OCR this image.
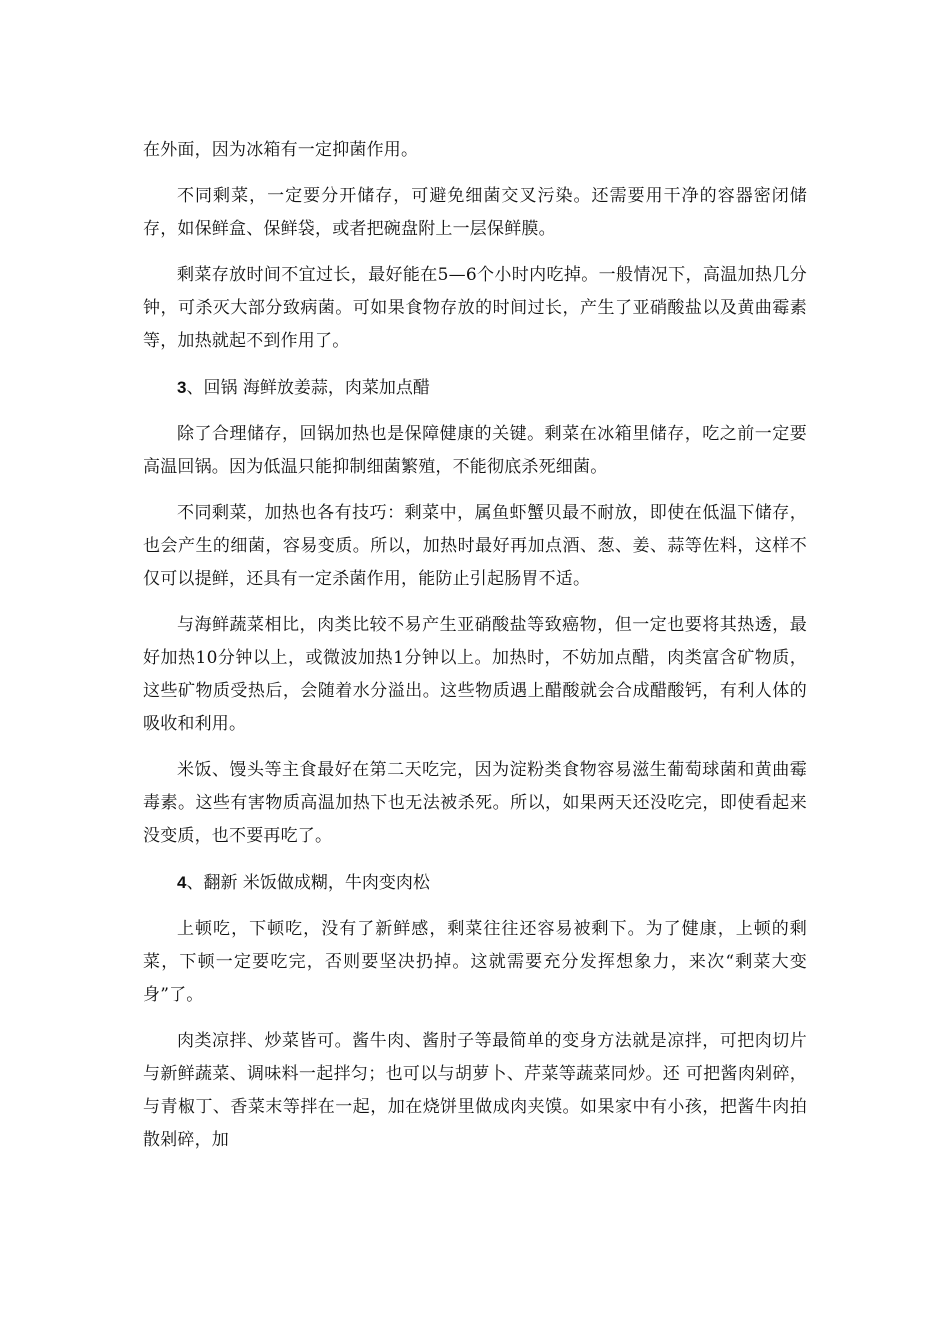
在外面，因为冰箱有一定抑菌作用。

不同剩菜，一定要分开储存，可避免细菌交叉污染。还需要用干净的容器密闭储存，如保鲜盒、保鲜袋，或者把碗盘附上一层保鲜膜。

剩菜存放时间不宜过长，最好能在5—6个小时内吃掉。一般情况下，高温加热几分钟，可杀灭大部分致病菌。可如果食物存放的时间过长，产生了亚硝酸盐以及黄曲霉素等，加热就起不到作用了。

3、回锅 海鲜放姜蒜，肉菜加点醋

除了合理储存，回锅加热也是保障健康的关键。剩菜在冰箱里储存，吃之前一定要高温回锅。因为低温只能抑制细菌繁殖，不能彻底杀死细菌。

不同剩菜，加热也各有技巧：剩菜中，属鱼虾蟹贝最不耐放，即使在低温下储存，也会产生的细菌，容易变质。所以，加热时最好再加点酒、葱、姜、蒜等佐料，这样不仅可以提鲜，还具有一定杀菌作用，能防止引起肠胃不适。

与海鲜蔬菜相比，肉类比较不易产生亚硝酸盐等致癌物，但一定也要将其热透，最好加热10分钟以上，或微波加热1分钟以上。加热时，不妨加点醋，肉类富含矿物质，这些矿物质受热后，会随着水分溢出。这些物质遇上醋酸就会合成醋酸钙，有利人体的吸收和利用。

米饭、馒头等主食最好在第二天吃完，因为淀粉类食物容易滋生葡萄球菌和黄曲霉毒素。这些有害物质高温加热下也无法被杀死。所以，如果两天还没吃完，即使看起来没变质，也不要再吃了。

4、翻新 米饭做成糊，牛肉变肉松

上顿吃，下顿吃，没有了新鲜感，剩菜往往还容易被剩下。为了健康，上顿的剩菜，下顿一定要吃完，否则要坚决扔掉。这就需要充分发挥想象力，来次“剩菜大变身”了。

肉类凉拌、炒菜皆可。酱牛肉、酱肘子等最简单的变身方法就是凉拌，可把肉切片与新鲜蔬菜、调味料一起拌匀；也可以与胡萝卜、芹菜等蔬菜同炒。还 可把酱肉剁碎，与青椒丁、香菜末等拌在一起，加在烧饼里做成肉夹馍。如果家中有小孩，把酱牛肉拍散剁碎，加
